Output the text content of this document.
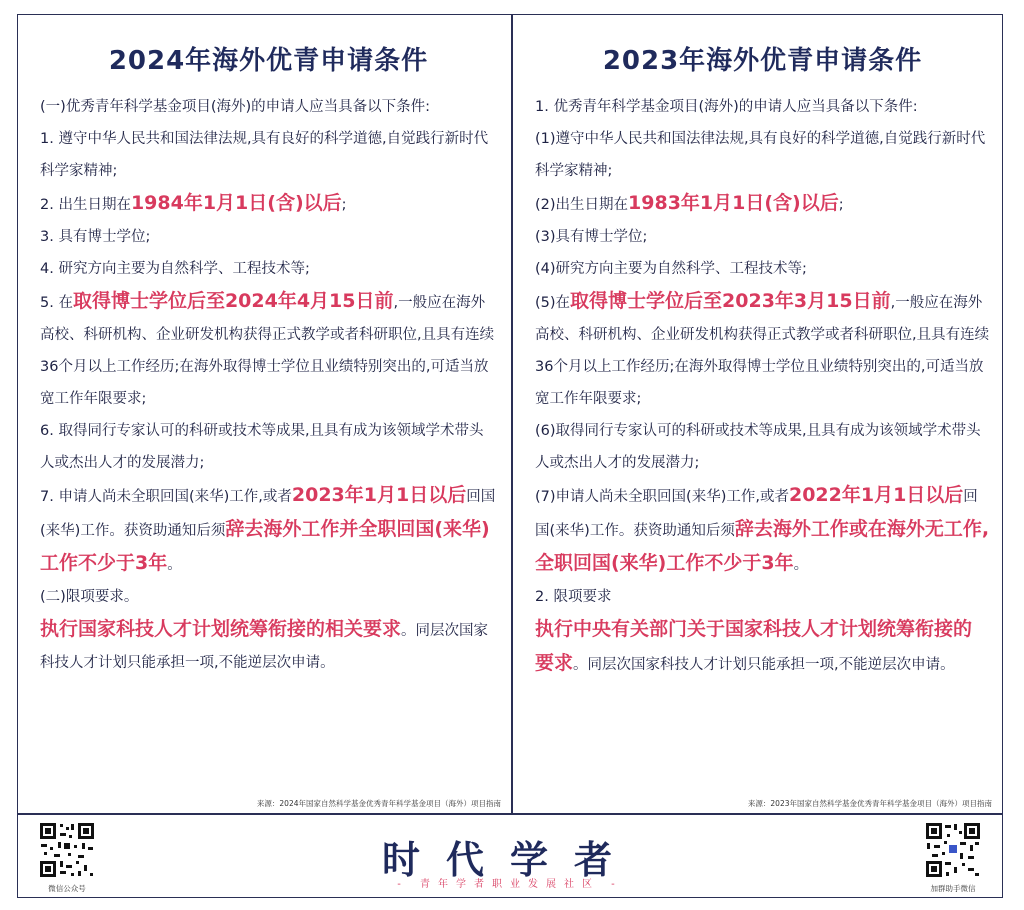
2024年海外优青申请条件

(一)优秀青年科学基金项目(海外)的申请人应当具备以下条件:

1. 遵守中华人民共和国法律法规,具有良好的科学道德,自觉践行新时代科学家精神;

2. 出生日期在1984年1月1日(含)以后;

3. 具有博士学位;

4. 研究方向主要为自然科学、工程技术等;

5. 在取得博士学位后至2024年4月15日前,一般应在海外高校、科研机构、企业研发机构获得正式教学或者科研职位,且具有连续36个月以上工作经历;在海外取得博士学位且业绩特别突出的,可适当放宽工作年限要求;

6. 取得同行专家认可的科研或技术等成果,且具有成为该领域学术带头人或杰出人才的发展潜力;

7. 申请人尚未全职回国(来华)工作,或者2023年1月1日以后回国(来华)工作。获资助通知后须辞去海外工作并全职回国(来华)工作不少于3年。

(二)限项要求。

执行国家科技人才计划统筹衔接的相关要求。同层次国家科技人才计划只能承担一项,不能逆层次申请。

来源：2024年国家自然科学基金优秀青年科学基金项目（海外）项目指南
2023年海外优青申请条件

1. 优秀青年科学基金项目(海外)的申请人应当具备以下条件:

(1)遵守中华人民共和国法律法规,具有良好的科学道德,自觉践行新时代科学家精神;

(2)出生日期在1983年1月1日(含)以后;

(3)具有博士学位;

(4)研究方向主要为自然科学、工程技术等;

(5)在取得博士学位后至2023年3月15日前,一般应在海外高校、科研机构、企业研发机构获得正式教学或者科研职位,且具有连续36个月以上工作经历;在海外取得博士学位且业绩特别突出的,可适当放宽工作年限要求;

(6)取得同行专家认可的科研或技术等成果,且具有成为该领域学术带头人或杰出人才的发展潜力;

(7)申请人尚未全职回国(来华)工作,或者2022年1月1日以后回国(来华)工作。获资助通知后须辞去海外工作或在海外无工作,全职回国(来华)工作不少于3年。

2. 限项要求

执行中央有关部门关于国家科技人才计划统筹衔接的要求。同层次国家科技人才计划只能承担一项,不能逆层次申请。

来源：2023年国家自然科学基金优秀青年科学基金项目（海外）项目指南
微信公众号
时代学者
- 青年学者职业发展社区 -	加群助手微信
